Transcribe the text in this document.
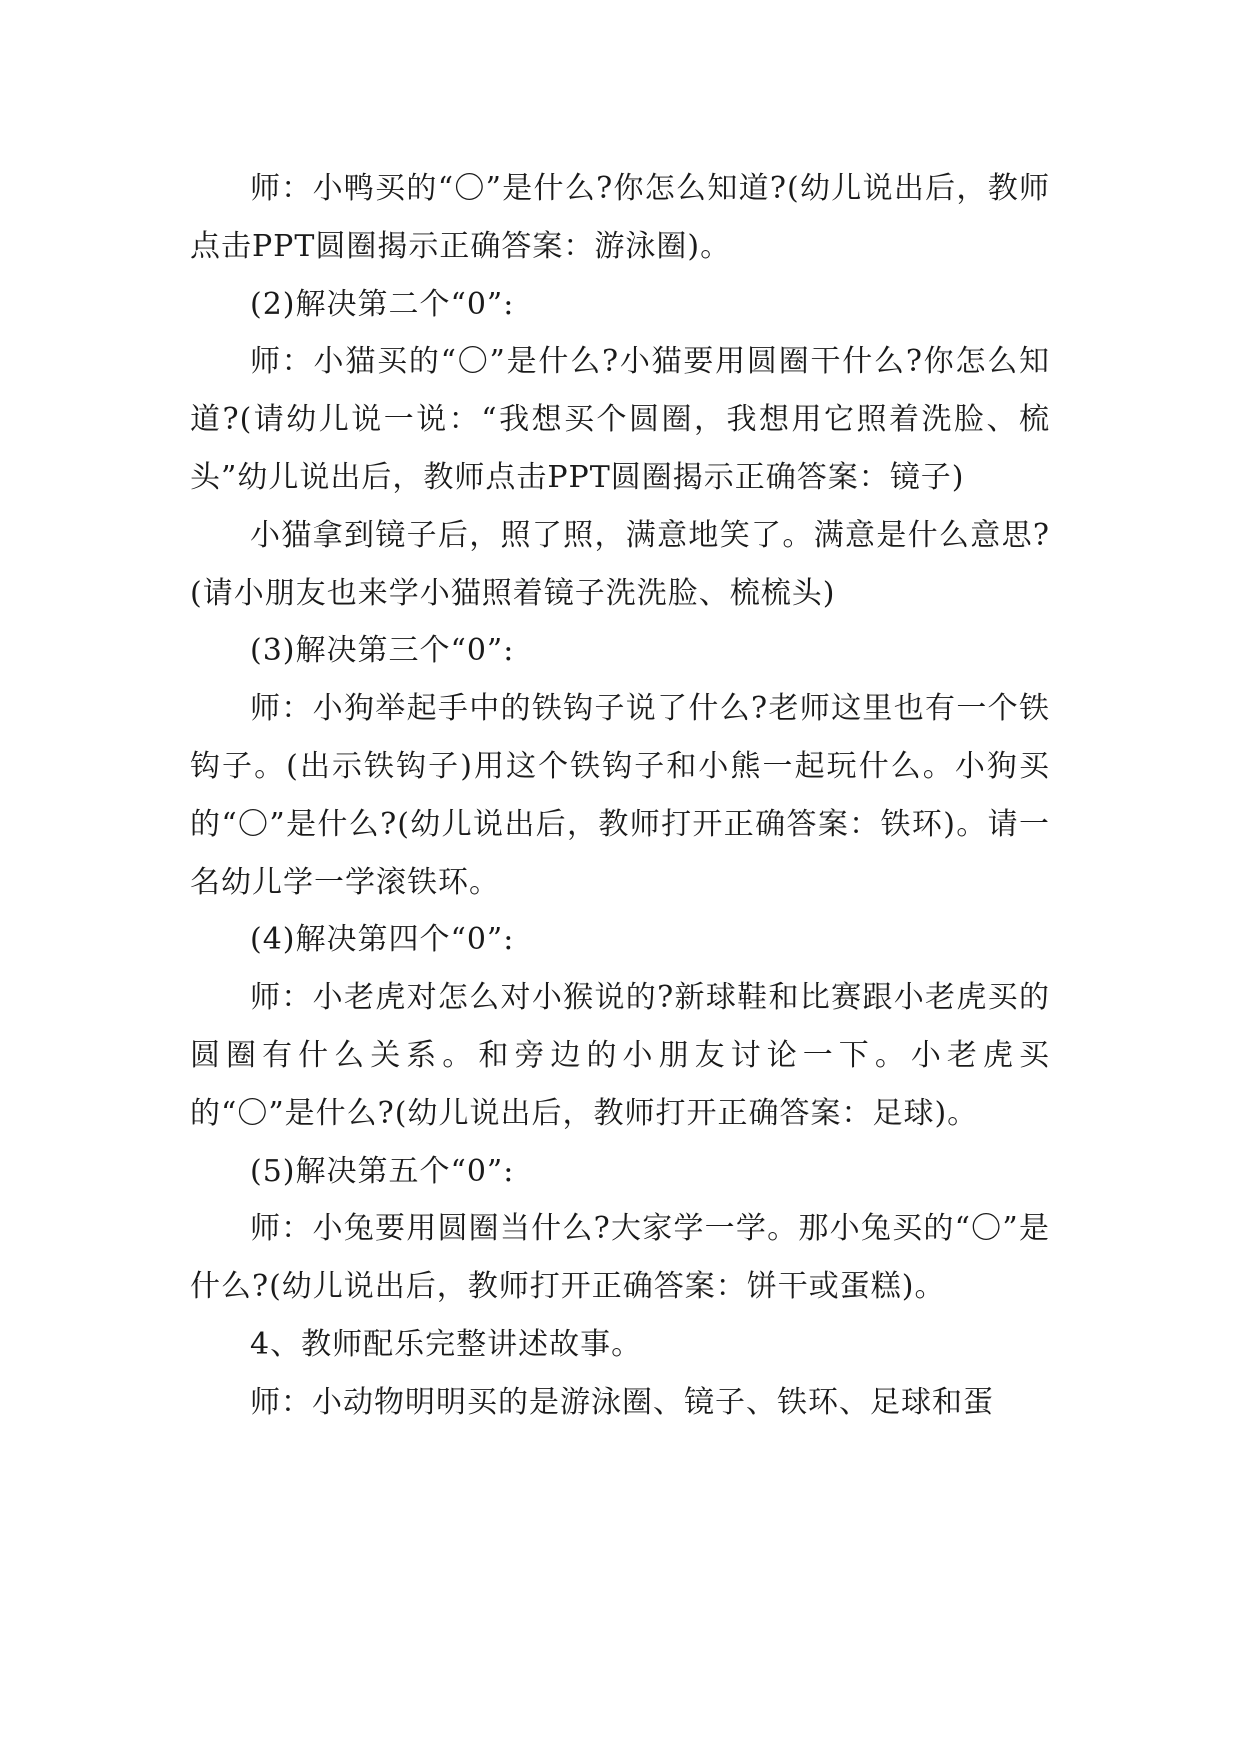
师：小鸭买的“〇”是什么?你怎么知道?(幼儿说出后，教师点击PPT圆圈揭示正确答案：游泳圈)。

(2)解决第二个“0”:

师：小猫买的“〇”是什么?小猫要用圆圈干什么?你怎么知道?(请幼儿说一说：“我想买个圆圈，我想用它照着洗脸、梳头”幼儿说出后，教师点击PPT圆圈揭示正确答案：镜子)

小猫拿到镜子后，照了照，满意地笑了。满意是什么意思?(请小朋友也来学小猫照着镜子洗洗脸、梳梳头)

(3)解决第三个“0”:

师：小狗举起手中的铁钩子说了什么?老师这里也有一个铁钩子。(出示铁钩子)用这个铁钩子和小熊一起玩什么。小狗买的“〇”是什么?(幼儿说出后，教师打开正确答案：铁环)。请一名幼儿学一学滚铁环。

(4)解决第四个“0”:

师：小老虎对怎么对小猴说的?新球鞋和比赛跟小老虎买的圆圈有什么关系。和旁边的小朋友讨论一下。小老虎买的“〇”是什么?(幼儿说出后，教师打开正确答案：足球)。

(5)解决第五个“0”:

师：小兔要用圆圈当什么?大家学一学。那小兔买的“〇”是什么?(幼儿说出后，教师打开正确答案：饼干或蛋糕)。

4、教师配乐完整讲述故事。

师：小动物明明买的是游泳圈、镜子、铁环、足球和蛋
